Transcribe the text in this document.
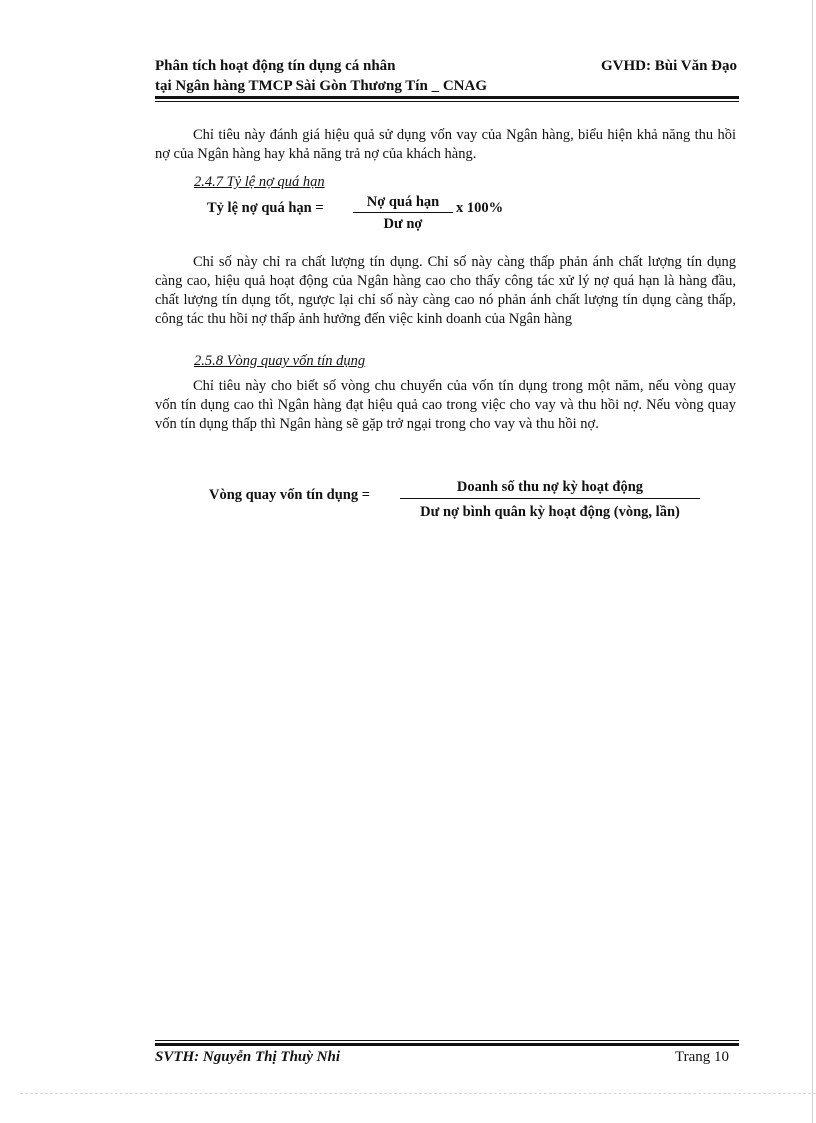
Phân tích hoạt động tín dụng cá nhân
tại Ngân hàng TMCP Sài Gòn Thương Tín _ CNAG
GVHD: Bùi Văn Đạo

Chỉ tiêu này đánh giá hiệu quả sử dụng vốn vay của Ngân hàng, biểu hiện khả năng thu hồi nợ của Ngân hàng hay khả năng trả nợ của khách hàng.

2.4.7 Tỷ lệ nợ quá hạn
Tỷ lệ nợ quá hạn =	Nợ quá hạn
Dư nợ
x 100%

Chỉ số này chỉ ra chất lượng tín dụng. Chỉ số này càng thấp phản ánh chất lượng tín dụng càng cao, hiệu quả hoạt động của Ngân hàng cao cho thấy công tác xử lý nợ quá hạn là hàng đầu, chất lượng tín dụng tốt, ngược lại chỉ số này càng cao nó phản ánh chất lượng tín dụng càng thấp, công tác thu hồi nợ thấp ảnh hưởng đến việc kinh doanh của Ngân hàng

2.5.8 Vòng quay vốn tín dụng

Chỉ tiêu này cho biết số vòng chu chuyển của vốn tín dụng trong một năm, nếu vòng quay vốn tín dụng cao thì Ngân hàng đạt hiệu quả cao trong việc cho vay và thu hồi nợ. Nếu vòng quay vốn tín dụng thấp thì Ngân hàng sẽ gặp trở ngại trong cho vay và thu hồi nợ.

Vòng quay vốn tín dụng =	Doanh số thu nợ kỳ hoạt động
Dư nợ bình quân kỳ hoạt động (vòng, lần)
SVTH: Nguyễn Thị Thuỳ Nhi	Trang 10
